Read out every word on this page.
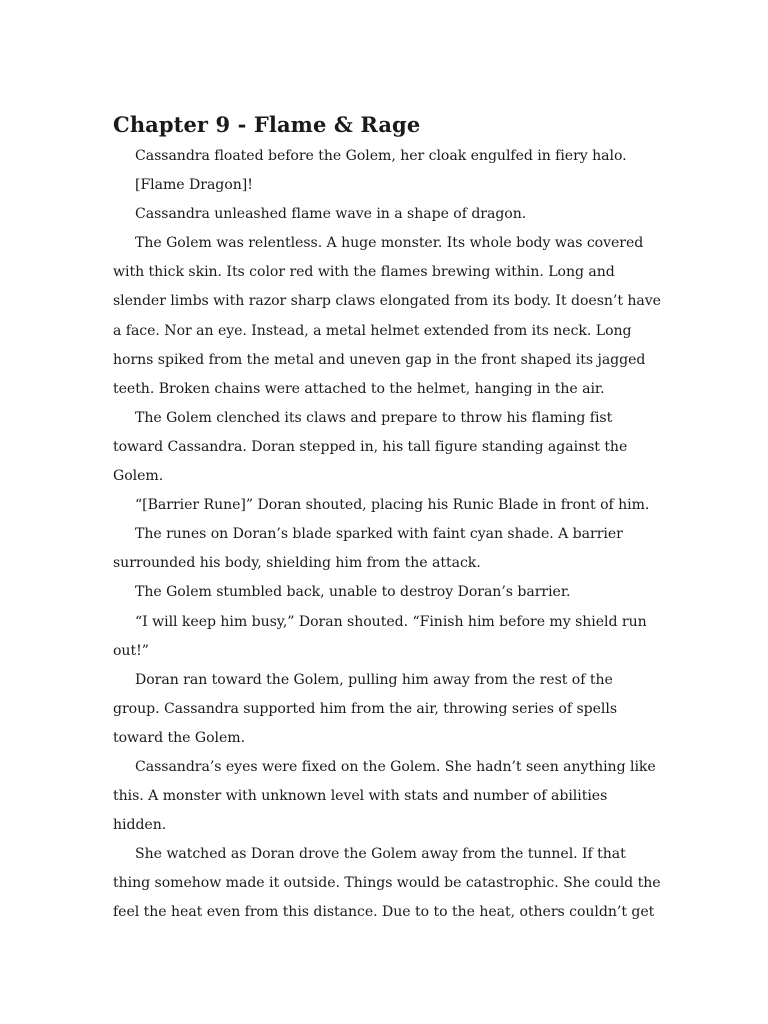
Chapter 9 - Flame & Rage

Cassandra floated before the Golem, her cloak engulfed in fiery halo.

[Flame Dragon]!

Cassandra unleashed flame wave in a shape of dragon.

The Golem was relentless. A huge monster. Its whole body was covered with thick skin. Its color red with the flames brewing within. Long and slender limbs with razor sharp claws elongated from its body. It doesn’t have a face. Nor an eye. Instead, a metal helmet extended from its neck. Long horns spiked from the metal and uneven gap in the front shaped its jagged teeth. Broken chains were attached to the helmet, hanging in the air.

The Golem clenched its claws and prepare to throw his flaming fist toward Cassandra. Doran stepped in, his tall figure standing against the Golem.

“[Barrier Rune]” Doran shouted, placing his Runic Blade in front of him.

The runes on Doran’s blade sparked with faint cyan shade. A barrier surrounded his body, shielding him from the attack.

The Golem stumbled back, unable to destroy Doran’s barrier.

“I will keep him busy,” Doran shouted. “Finish him before my shield run out!”

Doran ran toward the Golem, pulling him away from the rest of the group. Cassandra supported him from the air, throwing series of spells toward the Golem.

Cassandra’s eyes were fixed on the Golem. She hadn’t seen anything like this. A monster with unknown level with stats and number of abilities hidden.

She watched as Doran drove the Golem away from the tunnel. If that thing somehow made it outside. Things would be catastrophic. She could the feel the heat even from this distance. Due to to the heat, others couldn’t get
